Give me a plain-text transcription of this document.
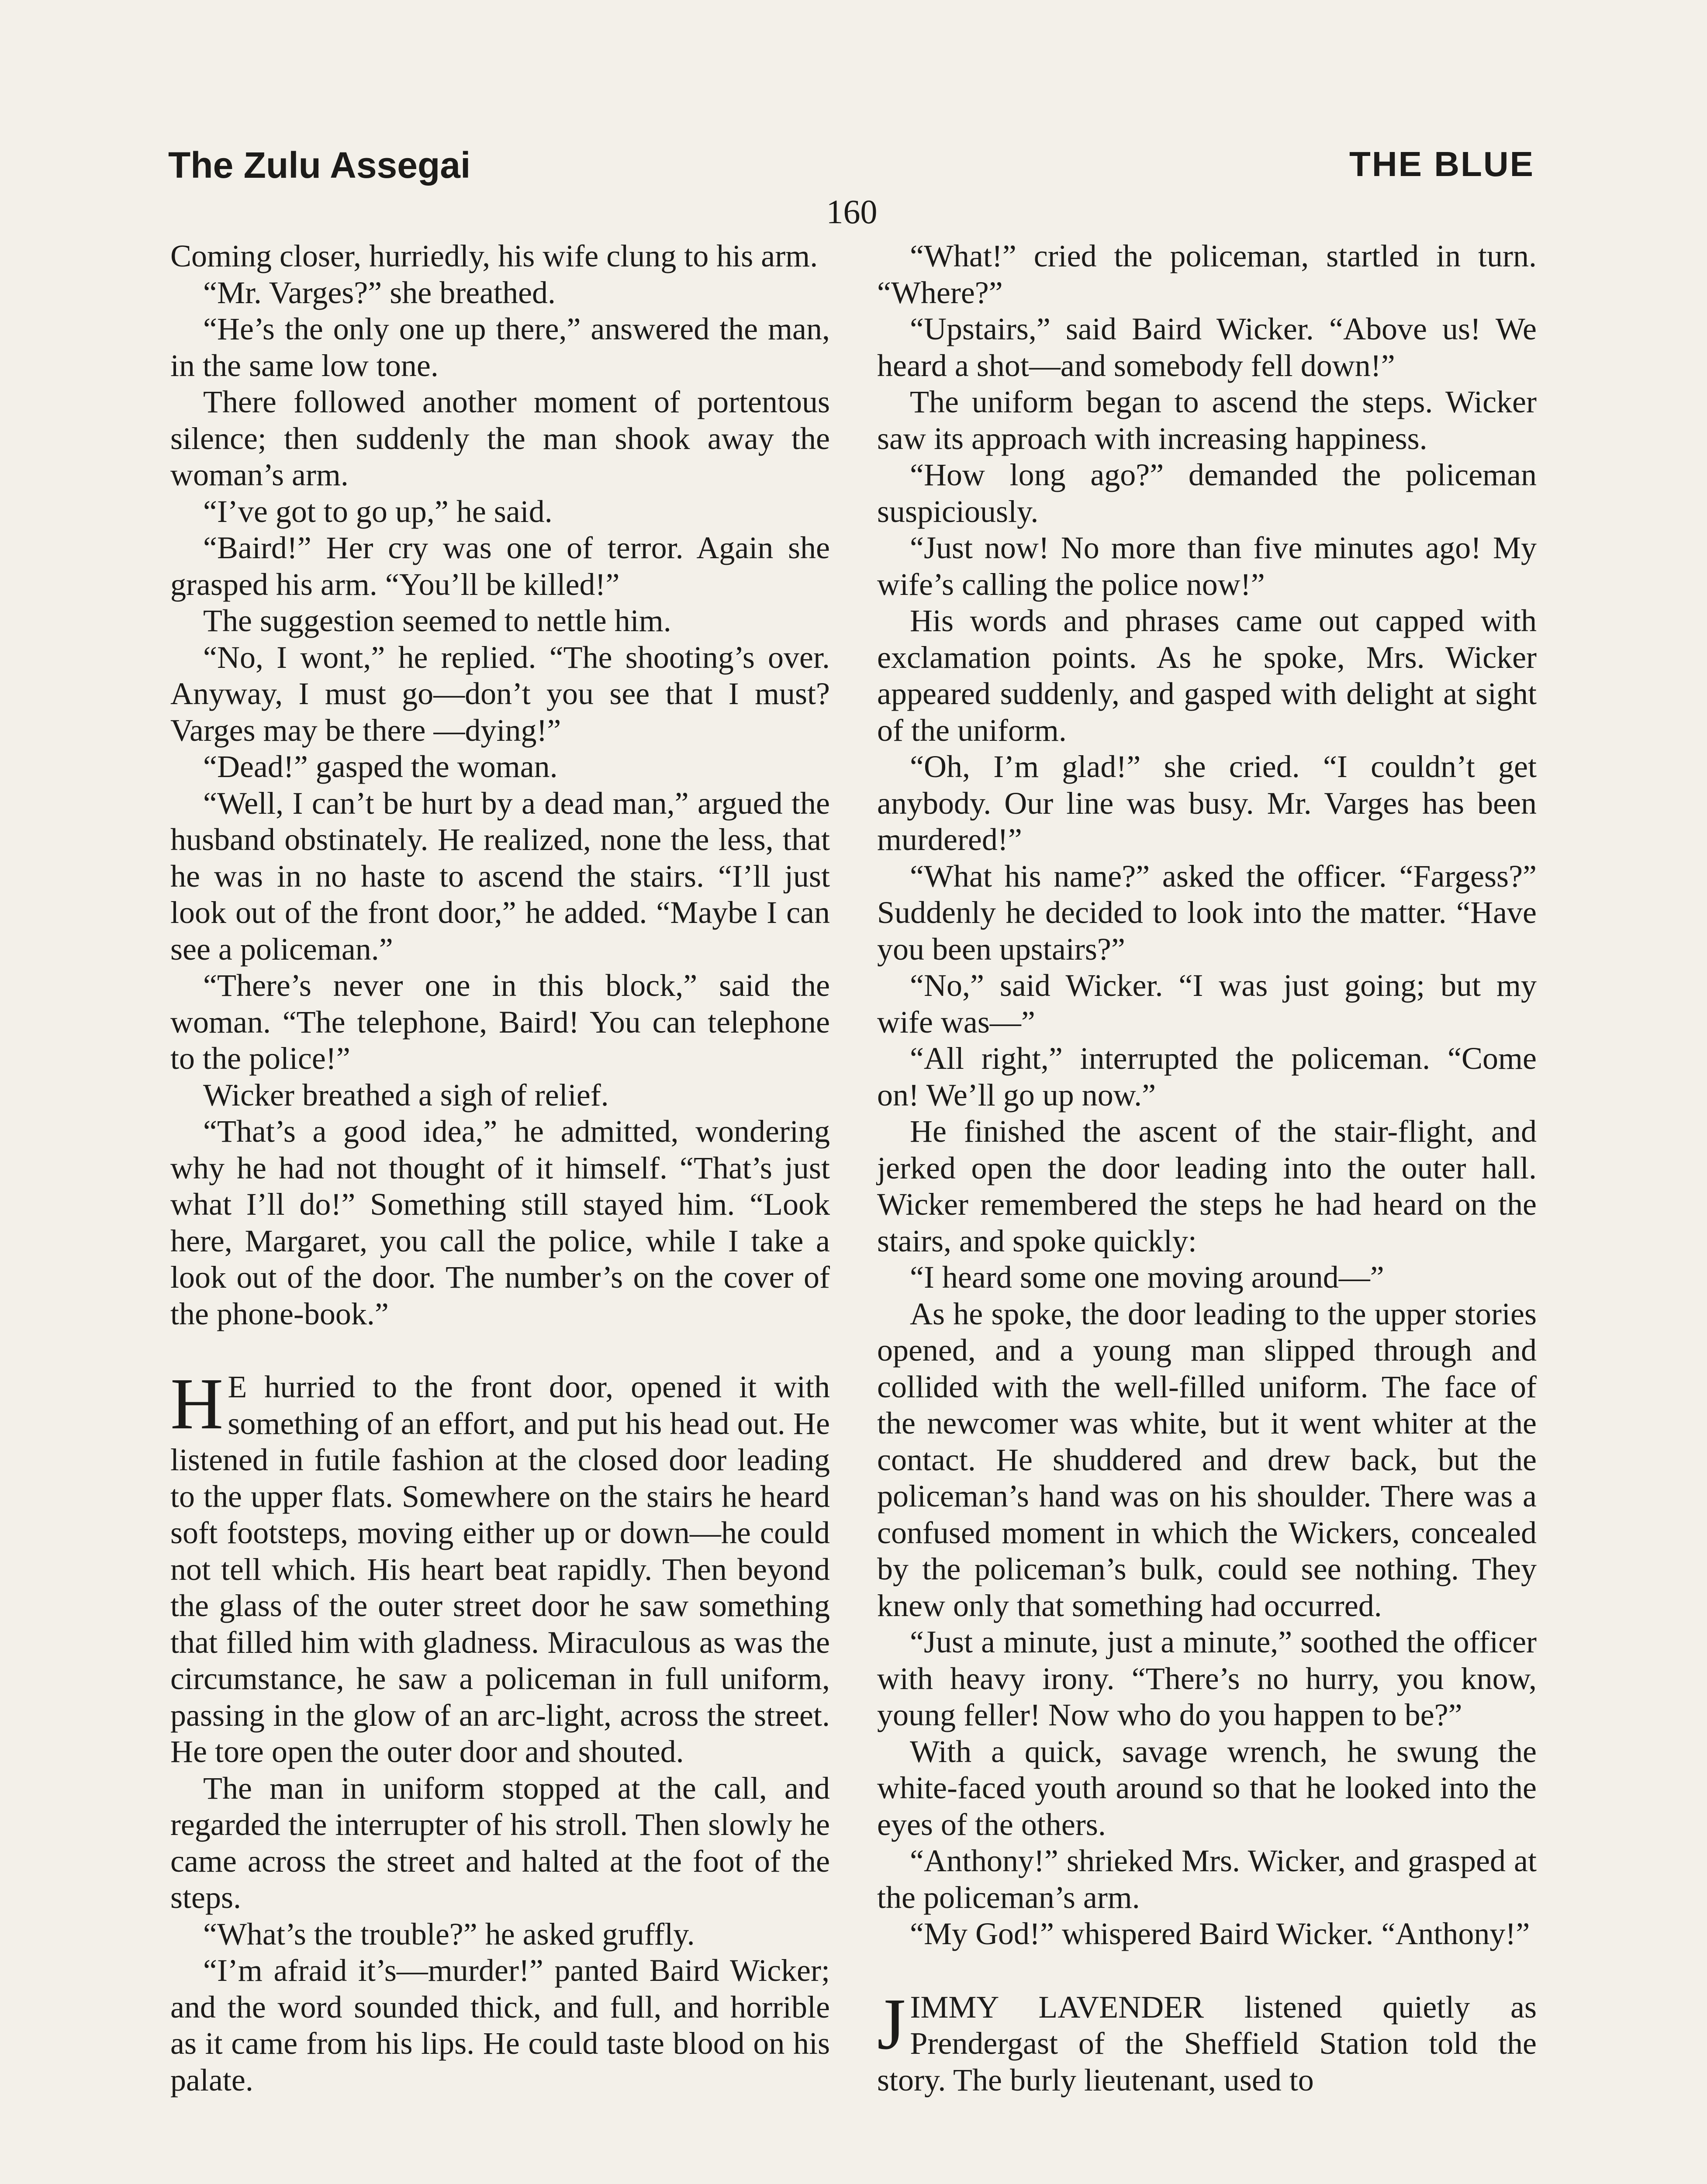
The Zulu Assegai	THE BLUE
160

Coming closer, hurriedly, his wife clung to his arm.

“Mr. Varges?” she breathed.

“He’s the only one up there,” answered the man, in the same low tone.

There followed another moment of portentous silence; then suddenly the man shook away the woman’s arm.

“I’ve got to go up,” he said.

“Baird!” Her cry was one of terror. Again she grasped his arm. “You’ll be killed!”

The suggestion seemed to nettle him.

“No, I wont,” he replied. “The shooting’s over. Anyway, I must go—don’t you see that I must? Varges may be there —dying!”

“Dead!” gasped the woman.

“Well, I can’t be hurt by a dead man,” argued the husband obstinately. He realized, none the less, that he was in no haste to ascend the stairs. “I’ll just look out of the front door,” he added. “Maybe I can see a policeman.”

“There’s never one in this block,” said the woman. “The telephone, Baird! You can telephone to the police!”

Wicker breathed a sigh of relief.

“That’s a good idea,” he admitted, wondering why he had not thought of it himself. “That’s just what I’ll do!” Something still stayed him. “Look here, Margaret, you call the police, while I take a look out of the door. The number’s on the cover of the phone-book.”

H E hurried to the front door, opened it with something of an effort, and put his head out. He listened in futile fashion at the closed door leading to the upper flats. Somewhere on the stairs he heard soft footsteps, moving either up or down—he could not tell which. His heart beat rapidly. Then beyond the glass of the outer street door he saw something that filled him with gladness. Miraculous as was the circumstance, he saw a policeman in full uniform, passing in the glow of an arc-light, across the street. He tore open the outer door and shouted.

The man in uniform stopped at the call, and regarded the interrupter of his stroll. Then slowly he came across the street and halted at the foot of the steps.

“What’s the trouble?” he asked gruffly.

“I’m afraid it’s—murder!” panted Baird Wicker; and the word sounded thick, and full, and horrible as it came from his lips. He could taste blood on his palate.

“What!” cried the policeman, startled in turn. “Where?”

“Upstairs,” said Baird Wicker. “Above us! We heard a shot—and somebody fell down!”

The uniform began to ascend the steps. Wicker saw its approach with increasing happiness.

“How long ago?” demanded the policeman suspiciously.

“Just now! No more than five minutes ago! My wife’s calling the police now!”

His words and phrases came out capped with exclamation points. As he spoke, Mrs. Wicker appeared suddenly, and gasped with delight at sight of the uniform.

“Oh, I’m glad!” she cried. “I couldn’t get anybody. Our line was busy. Mr. Varges has been murdered!”

“What his name?” asked the officer. “Fargess?” Suddenly he decided to look into the matter. “Have you been upstairs?”

“No,” said Wicker. “I was just going; but my wife was—”

“All right,” interrupted the policeman. “Come on! We’ll go up now.”

He finished the ascent of the stair-flight, and jerked open the door leading into the outer hall. Wicker remembered the steps he had heard on the stairs, and spoke quickly:

“I heard some one moving around—”

As he spoke, the door leading to the upper stories opened, and a young man slipped through and collided with the well-filled uniform. The face of the newcomer was white, but it went whiter at the contact. He shuddered and drew back, but the policeman’s hand was on his shoulder. There was a confused moment in which the Wickers, concealed by the policeman’s bulk, could see nothing. They knew only that something had occurred.

“Just a minute, just a minute,” soothed the officer with heavy irony. “There’s no hurry, you know, young feller! Now who do you happen to be?”

With a quick, savage wrench, he swung the white-faced youth around so that he looked into the eyes of the others.

“Anthony!” shrieked Mrs. Wicker, and grasped at the policeman’s arm.

“My God!” whispered Baird Wicker. “Anthony!”

JIMMY LAVENDER listened quietly as Prendergast of the Sheffield Station told the story. The burly lieutenant, used to
